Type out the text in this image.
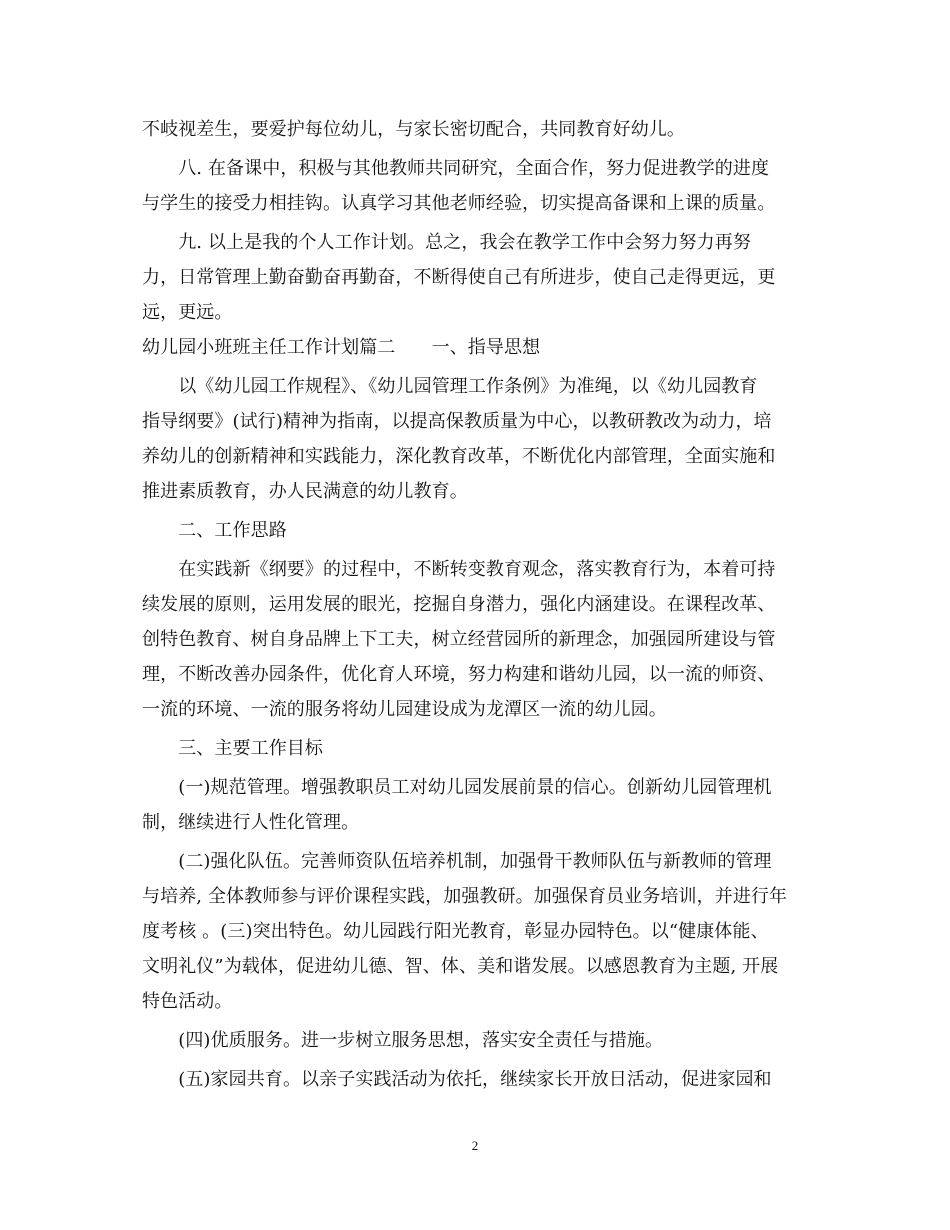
不岐视差生，要爱护每位幼儿，与家长密切配合，共同教育好幼儿。
　　八. 在备课中，积极与其他教师共同研究，全面合作，努力促进教学的进度
与学生的接受力相挂钩。认真学习其他老师经验，切实提高备课和上课的质量。
　　九. 以上是我的个人工作计划。总之，我会在教学工作中会努力努力再努
力，日常管理上勤奋勤奋再勤奋，不断得使自己有所进步，使自己走得更远，更
远，更远。
幼儿园小班班主任工作计划篇二　　一、指导思想
　　以《幼儿园工作规程》、《幼儿园管理工作条例》为准绳，以《幼儿园教育
指导纲要》(试行)精神为指南，以提高保教质量为中心，以教研教改为动力，培
养幼儿的创新精神和实践能力，深化教育改革，不断优化内部管理，全面实施和
推进素质教育，办人民满意的幼儿教育。
　　二、工作思路
　　在实践新《纲要》的过程中，不断转变教育观念，落实教育行为，本着可持
续发展的原则，运用发展的眼光，挖掘自身潜力，强化内涵建设。在课程改革、
创特色教育、树自身品牌上下工夫，树立经营园所的新理念，加强园所建设与管
理，不断改善办园条件，优化育人环境，努力构建和谐幼儿园，以一流的师资、
一流的环境、一流的服务将幼儿园建设成为龙潭区一流的幼儿园。
　　三、主要工作目标
　　(一)规范管理。增强教职员工对幼儿园发展前景的信心。创新幼儿园管理机
制，继续进行人性化管理。
　　(二)强化队伍。完善师资队伍培养机制，加强骨干教师队伍与新教师的管理
与培养, 全体教师参与评价课程实践，加强教研。加强保育员业务培训，并进行年
度考核 。(三)突出特色。幼儿园践行阳光教育，彰显办园特色。以“健康体能、
文明礼仪”为载体，促进幼儿德、智、体、美和谐发展。以感恩教育为主题, 开展
特色活动。
　　(四)优质服务。进一步树立服务思想，落实安全责任与措施。
　　(五)家园共育。以亲子实践活动为依托，继续家长开放日活动，促进家园和
2
